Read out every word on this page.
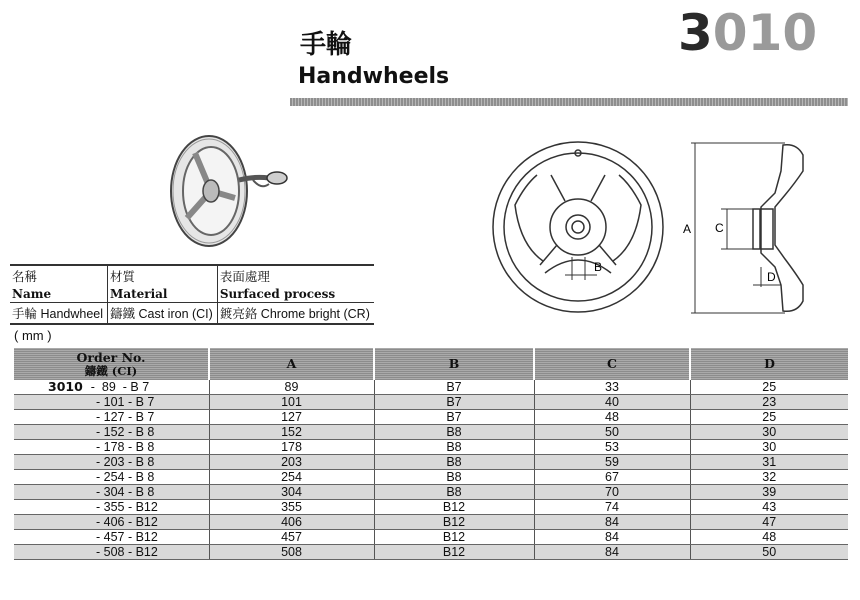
手輪
Handwheels
3010
B
A C
D
名稱	材質	表面處理
Name	Material	Surfaced process
手輪 Handwheel	鑄鐵 Cast iron (CI)	鍍亮鉻 Chrome bright (CR)
( mm )
Order No.
鑄鐵 (CI)	A	B	C	D
3010 -  89  - B 7	89	B7	33	25
- 101 - B 7	101	B7	40	23
- 127 - B 7	127	B7	48	25
- 152 - B 8	152	B8	50	30
- 178 - B 8	178	B8	53	30
- 203 - B 8	203	B8	59	31
- 254 - B 8	254	B8	67	32
- 304 - B 8	304	B8	70	39
- 355 - B12	355	B12	74	43
- 406 - B12	406	B12	84	47
- 457 - B12	457	B12	84	48
- 508 - B12	508	B12	84	50
